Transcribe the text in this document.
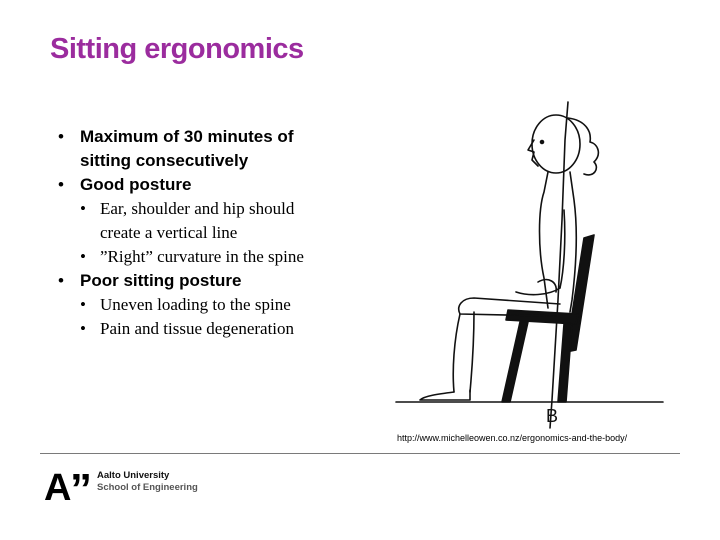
Sitting ergonomics
• Maximum of 30 minutes of
sitting consecutively
• Good posture
• Ear, shoulder and hip should
create a vertical line
• ”Right” curvature in the spine
• Poor sitting posture
• Uneven loading to the spine
• Pain and tissue degeneration
B
http://www.michelleowen.co.nz/ergonomics-and-the-body/
A
” Aalto University
School of Engineering
